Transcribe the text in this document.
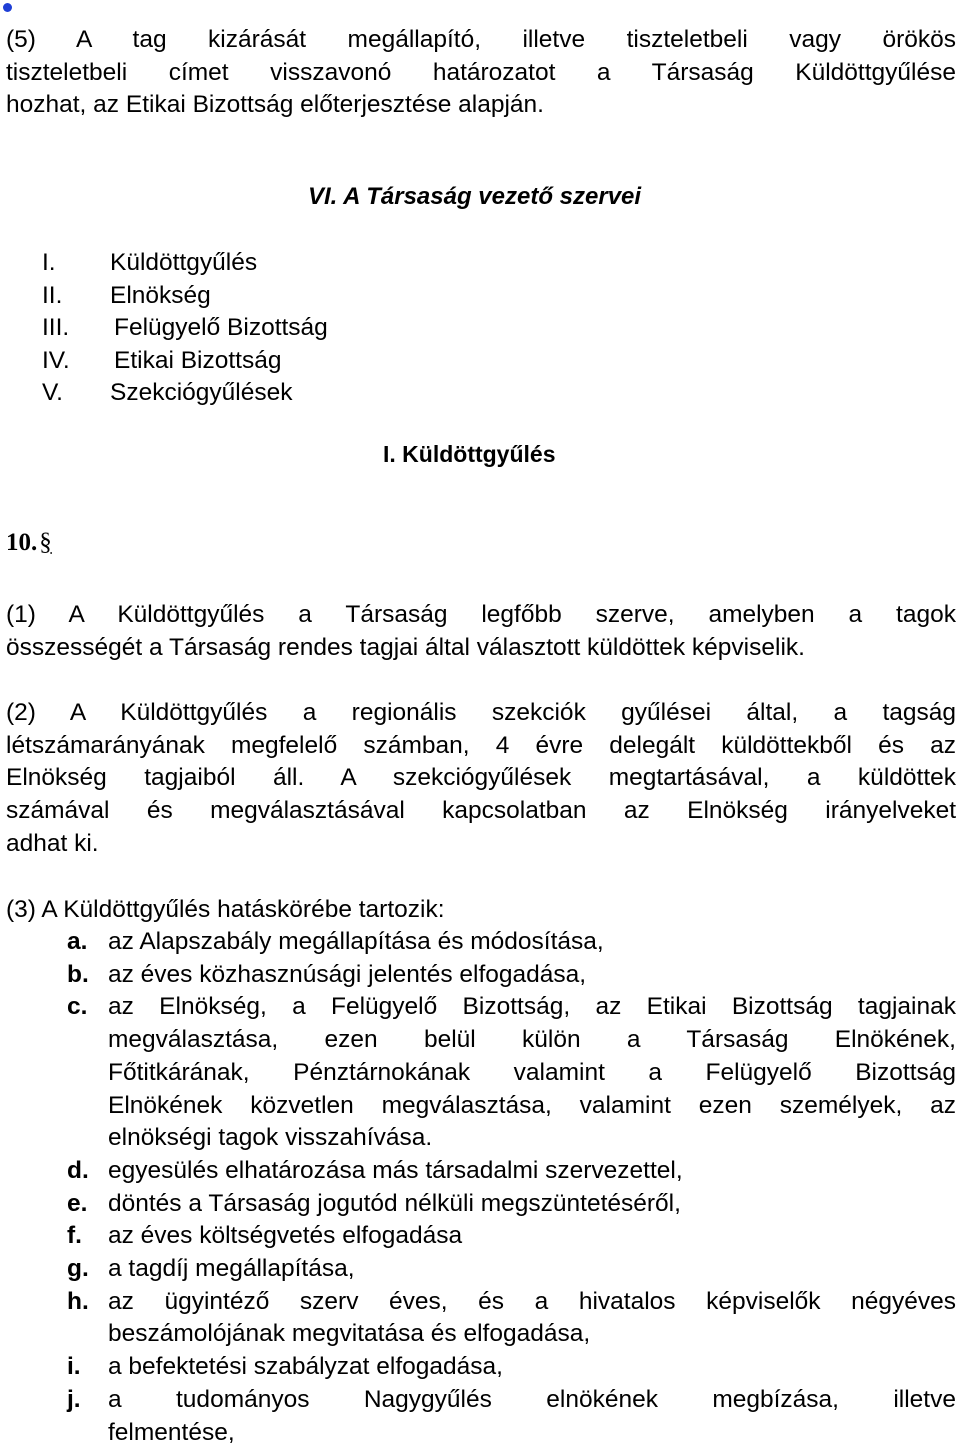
(5) A tag kizárását megállapító, illetve tiszteletbeli vagy örökös
tiszteletbeli címet visszavonó határozatot a Társaság Küldöttgyűlése
hozhat, az Etikai Bizottság előterjesztése alapján.
VI. A Társaság vezető szervei
I.	Küldöttgyűlés
II.	Elnökség
III.	Felügyelő Bizottság
IV.	Etikai Bizottság
V.	Szekciógyűlések
I. Küldöttgyűlés
10.§
(1) A Küldöttgyűlés a Társaság legfőbb szerve, amelyben a tagok
összességét a Társaság rendes tagjai által választott küldöttek képviselik.
(2) A Küldöttgyűlés a regionális szekciók gyűlései által, a tagság
létszámarányának megfelelő számban, 4 évre delegált küldöttekből és az
Elnökség tagjaiból áll. A szekciógyűlések megtartásával, a küldöttek
számával és megválasztásával kapcsolatban az Elnökség irányelveket
adhat ki.
(3) A Küldöttgyűlés hatáskörébe tartozik:
a. az Alapszabály megállapítása és módosítása,
b. az éves közhasznúsági jelentés elfogadása,
c. az Elnökség, a Felügyelő Bizottság, az Etikai Bizottság tagjainak
megválasztása, ezen belül külön a Társaság Elnökének,
Főtitkárának, Pénztárnokának valamint a Felügyelő Bizottság
Elnökének közvetlen megválasztása, valamint ezen személyek, az
elnökségi tagok visszahívása.
d. egyesülés elhatározása más társadalmi szervezettel,
e. döntés a Társaság jogutód nélküli megszüntetéséről,
f.	az éves költségvetés elfogadása
g. a tagdíj megállapítása,
h. az ügyintéző szerv éves, és a hivatalos képviselők négyéves
beszámolójának megvitatása és elfogadása,
i.	a befektetési szabályzat elfogadása,
j.	a tudományos Nagygyűlés elnökének megbízása, illetve
felmentése,
